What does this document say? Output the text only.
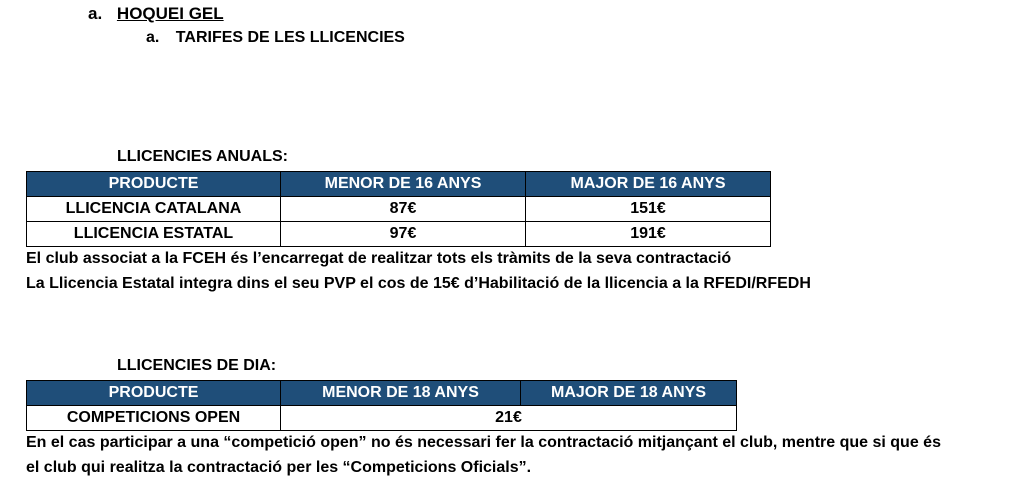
a. HOQUEI GEL
a. TARIFES DE LES LLICENCIES
LLICENCIES ANUALS:
PRODUCTE	MENOR DE 16 ANYS	MAJOR DE 16 ANYS
LLICENCIA CATALANA	87€	151€
LLICENCIA ESTATAL	97€	191€
El club associat a la FCEH és l’encarregat de realitzar tots els tràmits de la seva contractació
La Llicencia Estatal integra dins el seu PVP el cos de 15€ d’Habilitació de la llicencia a la RFEDI/RFEDH
LLICENCIES DE DIA:
PRODUCTE	MENOR DE 18 ANYS	MAJOR DE 18 ANYS
COMPETICIONS OPEN	21€	
En el cas participar a una “competició open” no és necessari fer la contractació mitjançant el club, mentre que si que és
el club qui realitza la contractació per les “Competicions Oficials”.
